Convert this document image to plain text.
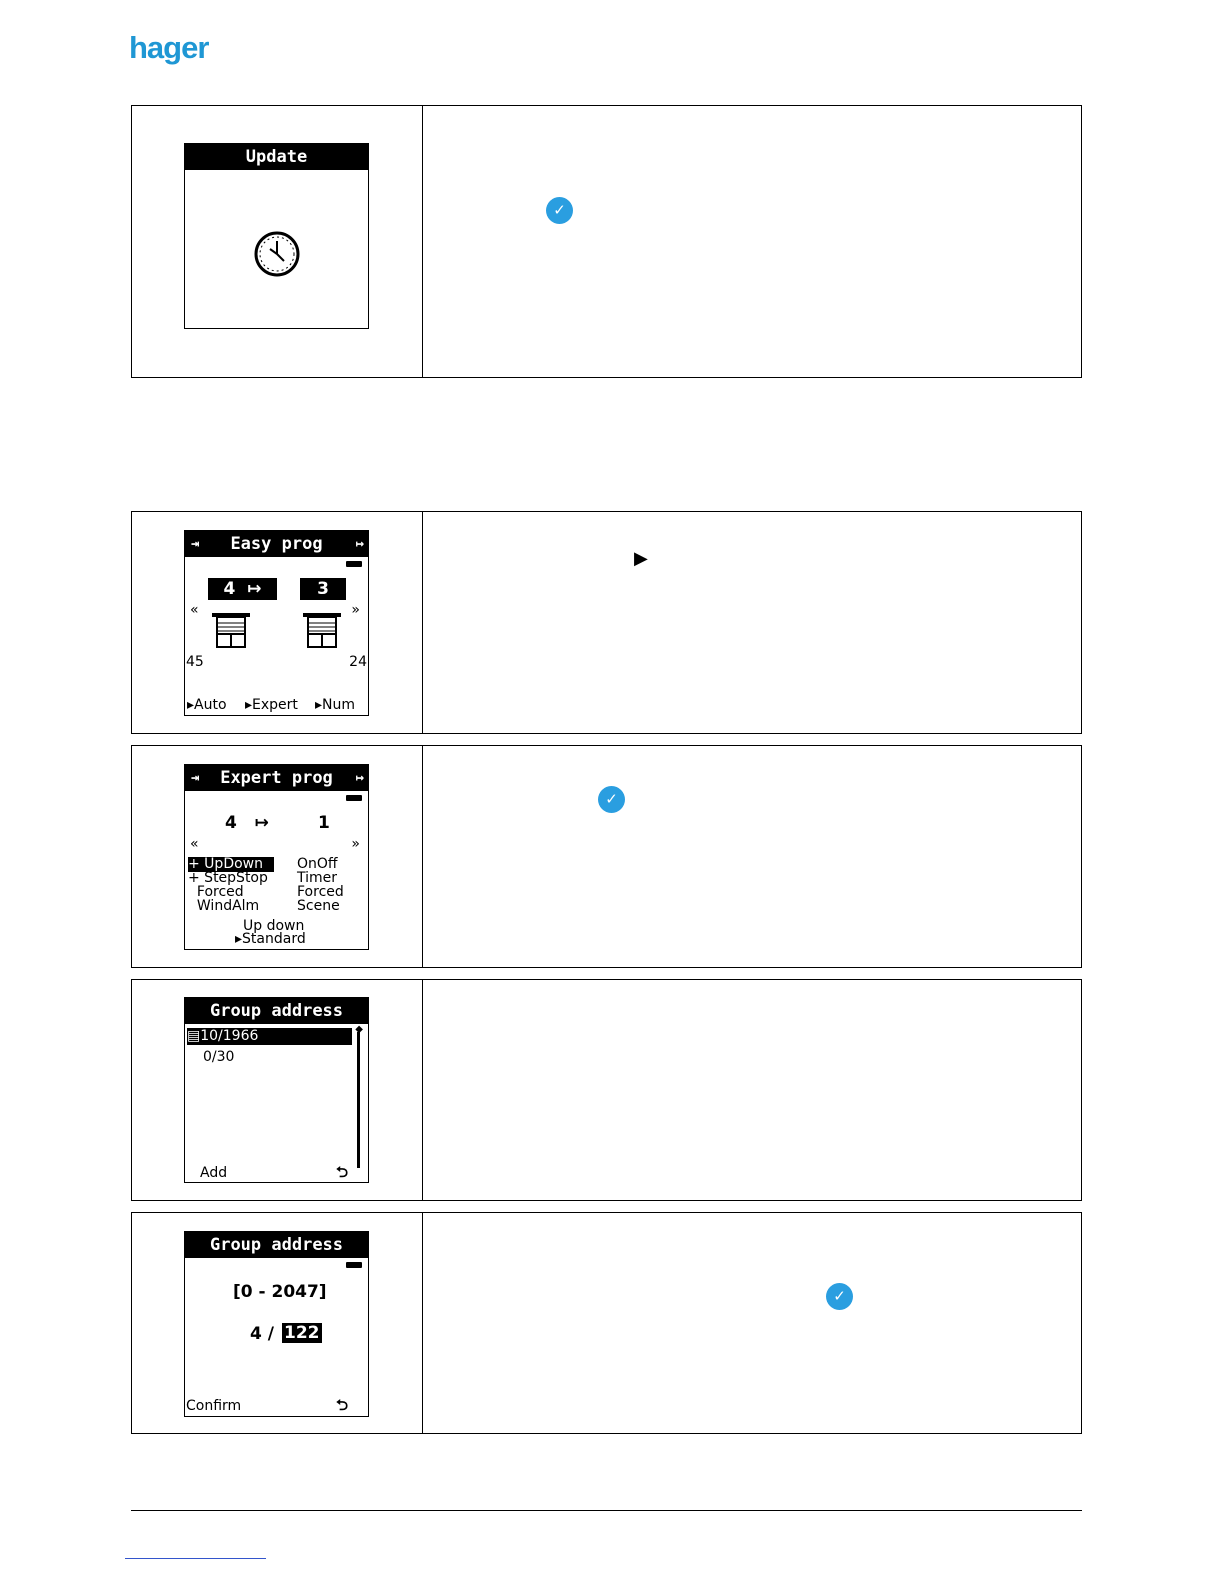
hager
Update
✓
⇥ Easy prog ↦
4  ↦	3
«	»
45	24
▸Auto ▸Expert ▸Num
▶
⇥ Expert prog ↦
4   ↦	1
«	»
+ UpDown
+ StepStop
Forced
WindAlm
OnOff
Timer
Forced
Scene
Up down
▸Standard
✓
Group address
▤10/1966
0/30
◆
Add	⮌
Group address
[0 - 2047]
4 / 122
Confirm	⮌
✓
